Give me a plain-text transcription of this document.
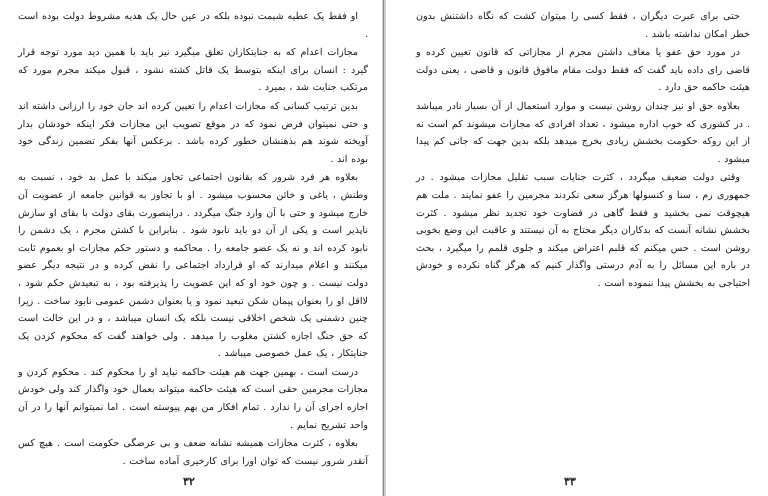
او فقط یک عطیه شیمت نبوده بلکه در عین حال یک هدیه مشروط دولت بوده است .

مجازات اعدام که به جنایتکاران تعلق میگیرد نیز باید با همین دید مورد توجه قرار گیرد : انسان برای اینکه بتوسط یک قاتل کشته نشود ، قبول میکند مجرم مورد که مرتکب جنایت شد ، بمیرد .

بدین ترتیب کسانی که مجازات اعدام را تعیین کرده اند جان خود را ارزانی داشته اند و حتی نمیتوان فرض نمود که در موقع تصویب این مجازات فکر اینکه خودشان بدار آویخته شوند هم بذهنشان خطور کرده باشد . برعکس آنها بفکر تضمین زندگی خود بوده اند .

بعلاوه هر فرد شرور که بقانون اجتماعی تجاوز میکند با عمل بد خود ، نسبت به وطنش ، یاغی و خائن محسوب میشود . او با تجاوز به قوانین جامعه از عضویت آن خارج میشود و حتی با آن وارد جنگ میگردد . دراینصورت بقای دولت با بقای او سازش ناپذیر است و یکی از آن دو باید نابود شود . بنابراین با کشتن مجرم ، یک دشمن را نابود کرده اند و نه یک عضو جامعه را . محاکمه و دستور حکم مجازات او بعموم ثابت میکنند و اعلام میدارند که او قرارداد اجتماعی را نقض کرده و در نتیجه دیگر عضو دولت نیست . و چون خود او که این عضویت را پذیرفته بود ، به تبعیدش حکم شود ، لااقل او را بعنوان پیمان شکن تبعید نمود و یا بعنوان دشمن عمومی نابود ساخت . زیرا چنین دشمنی یک شخص اخلاقی نیست بلکه یک انسان میباشد ، و در این حالت است که حق جنگ اجازه کشتن مغلوب را میدهد . ولی خواهند گفت که محکوم کردن یک جنایتکار ، یک عمل خصوصی میباشد .

درست است ، بهمین جهت هم هیئت حاکمه نباید او را محکوم کند . محکوم کردن و مجازات مجرمین حقی است که هیئت حاکمه میتواند بعمال خود واگذار کند ولی خودش اجازه اجرای آن را ندارد . تمام افکار من بهم پیوسته است . اما نمیتوانم آنها را در آن واحد تشریح نمایم .

بعلاوه ، کثرت مجازات همیشه نشانه ضعف و بی عرضگی حکومت است . هیچ کس آنقدر شرور نیست که توان اورا برای کارخیری آماده ساخت .

۳۲

حتی برای عبرت دیگران ، فقط کسی را میتوان کشت که نگاه داشتنش بدون خطر امکان نداشته باشد .

در مورد حق عفو یا معاف داشتن مجرم از مجازاتی که قانون تعیین کرده و قاضی رای داده باید گفت که فقط دولت مقام مافوق قانون و قاضی ، یعنی دولت هیئت حاکمه حق دارد .

بعلاوه حق او نیز چندان روشن نیست و موارد استعمال از آن بسیار نادر میباشد . در کشوری که خوب اداره میشود ، تعداد افرادی که مجازات میشوند کم است نه از این روکه حکومت بخشش زیادی بخرج میدهد بلکه بدین جهت که جانی کم پیدا میشود .

وقتی دولت ضعیف میگردد ، کثرت جنایات سبب تقلیل مجازات میشود . در جمهوری رم ، سنا و کنسولها هرگز سعی نکردند مجرمین را عفو نمایند . ملت هم هیچوقت نمی بخشید و فقط گاهی در قضاوت خود تجدید نظر میشود . کثرت بخشش نشانه آنست که بدکاران دیگر محتاج به آن نیستند و عاقبت این وضع بخوبی روشن است . حس میکنم که قلبم اعتراض میکند و جلوی قلمم را میگیرد ، بحث در باره این مسائل را به آدم درستی واگذار کنیم که هرگز گناه نکرده و خودش احتیاجی به بخشش پیدا ننموده است .

۳۳
